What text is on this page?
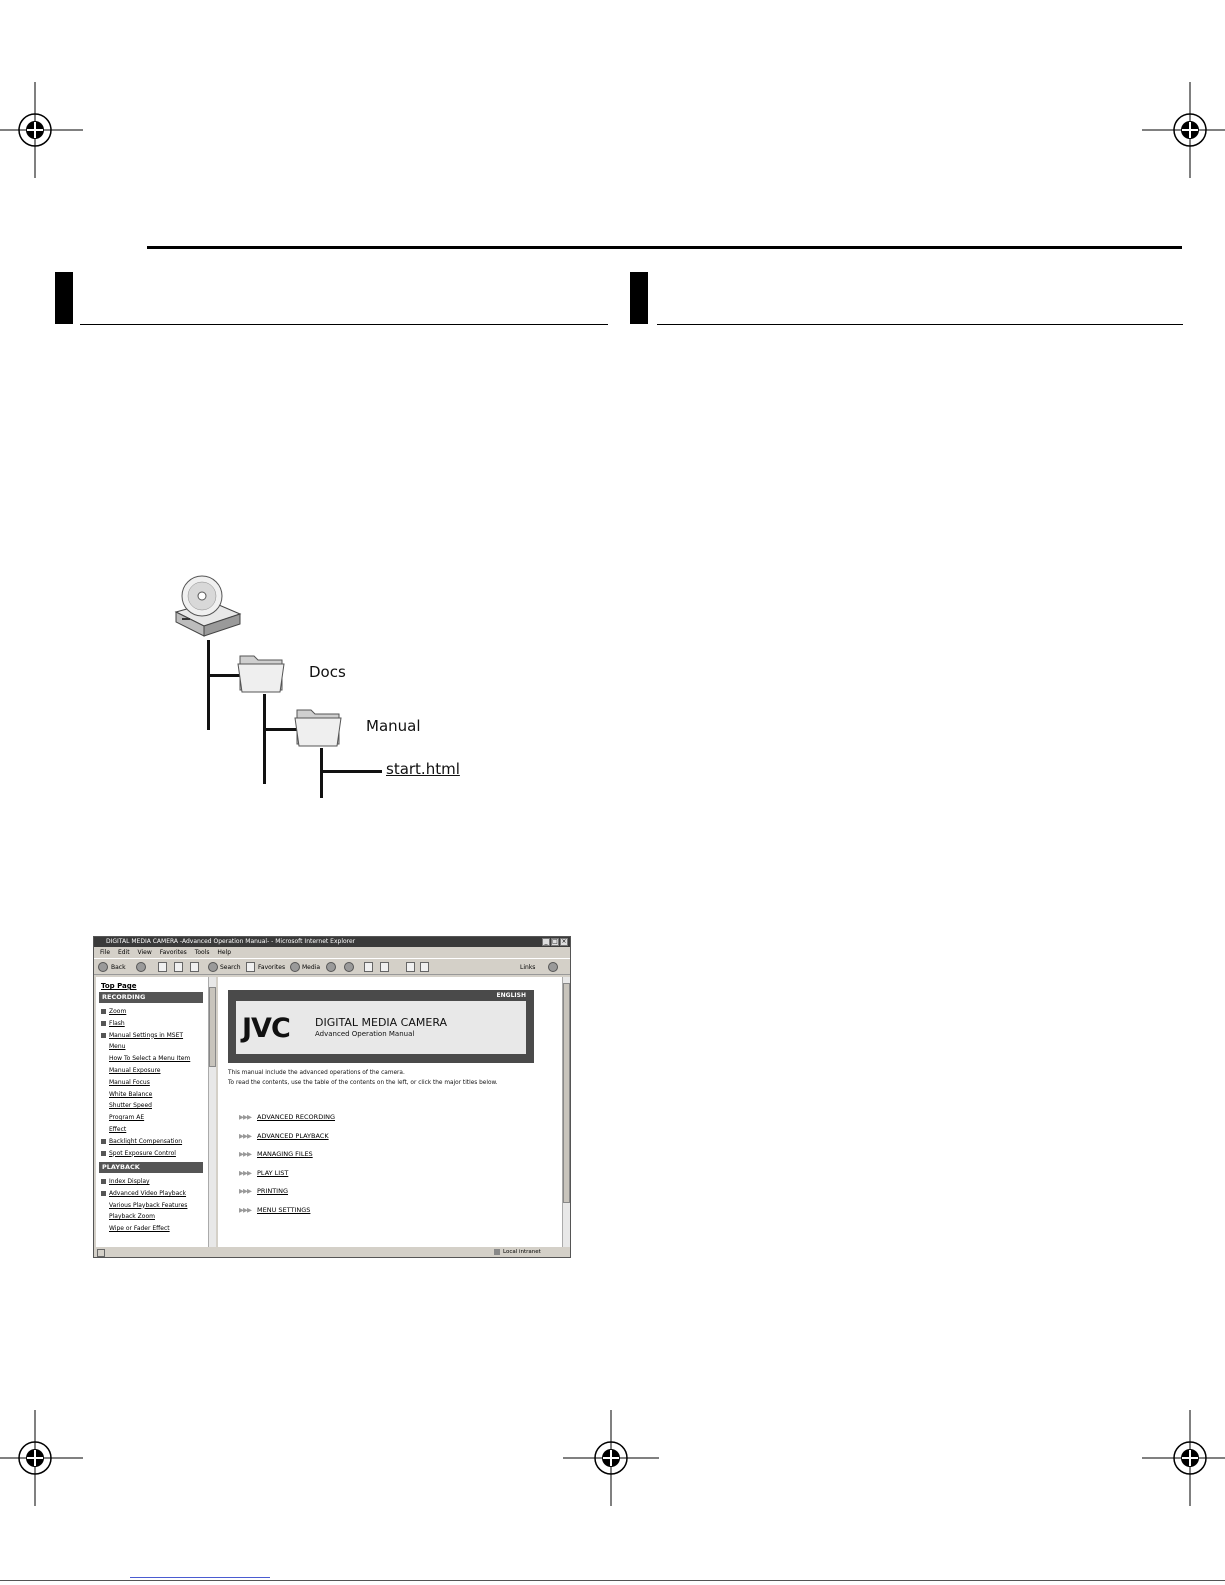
Docs
Manual
start.html
DIGITAL MEDIA CAMERA -Advanced Operation Manual- - Microsoft Internet Explorer	_ □ ×
File Edit View Favorites Tools Help
Back	Search	Favorites	Media	Links
Top Page
RECORDING
Zoom
Flash
Manual Settings in MSET
Menu
How To Select a Menu Item
Manual Exposure
Manual Focus
White Balance
Shutter Speed
Program AE
Effect
Backlight Compensation
Spot Exposure Control
PLAYBACK
Index Display
Advanced Video Playback
Various Playback Features
Playback Zoom
Wipe or Fader Effect
ENGLISH
JVC DIGITAL MEDIA CAMERA
Advanced Operation Manual
This manual include the advanced operations of the camera.
To read the contents, use the table of the contents on the left, or click the major titles below.
▶▶▶ ADVANCED RECORDING
▶▶▶ ADVANCED PLAYBACK
▶▶▶ MANAGING FILES
▶▶▶ PLAY LIST
▶▶▶ PRINTING
▶▶▶ MENU SETTINGS
Local intranet
